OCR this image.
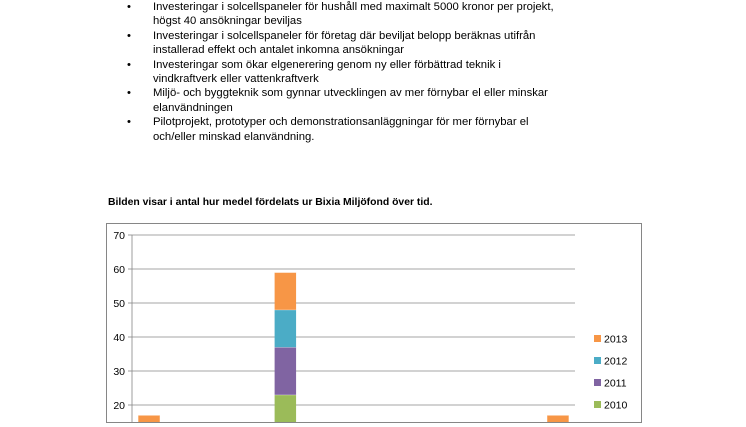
• Investeringar i solcellspaneler för hushåll med maximalt 5000 kronor per projekt,
högst 40 ansökningar beviljas
• Investeringar i solcellspaneler för företag där beviljat belopp beräknas utifrån
installerad effekt och antalet inkomna ansökningar
• Investeringar som ökar elgenerering genom ny eller förbättrad teknik i
vindkraftverk eller vattenkraftverk
• Miljö- och byggteknik som gynnar utvecklingen av mer förnybar el eller minskar
elanvändningen
• Pilotprojekt, prototyper och demonstrationsanläggningar för mer förnybar el
och/eller minskad elanvändning.
Bilden visar i antal hur medel fördelats ur Bixia Miljöfond över tid.
20
30
40
50
60
70
2013
2012
2011
2010
